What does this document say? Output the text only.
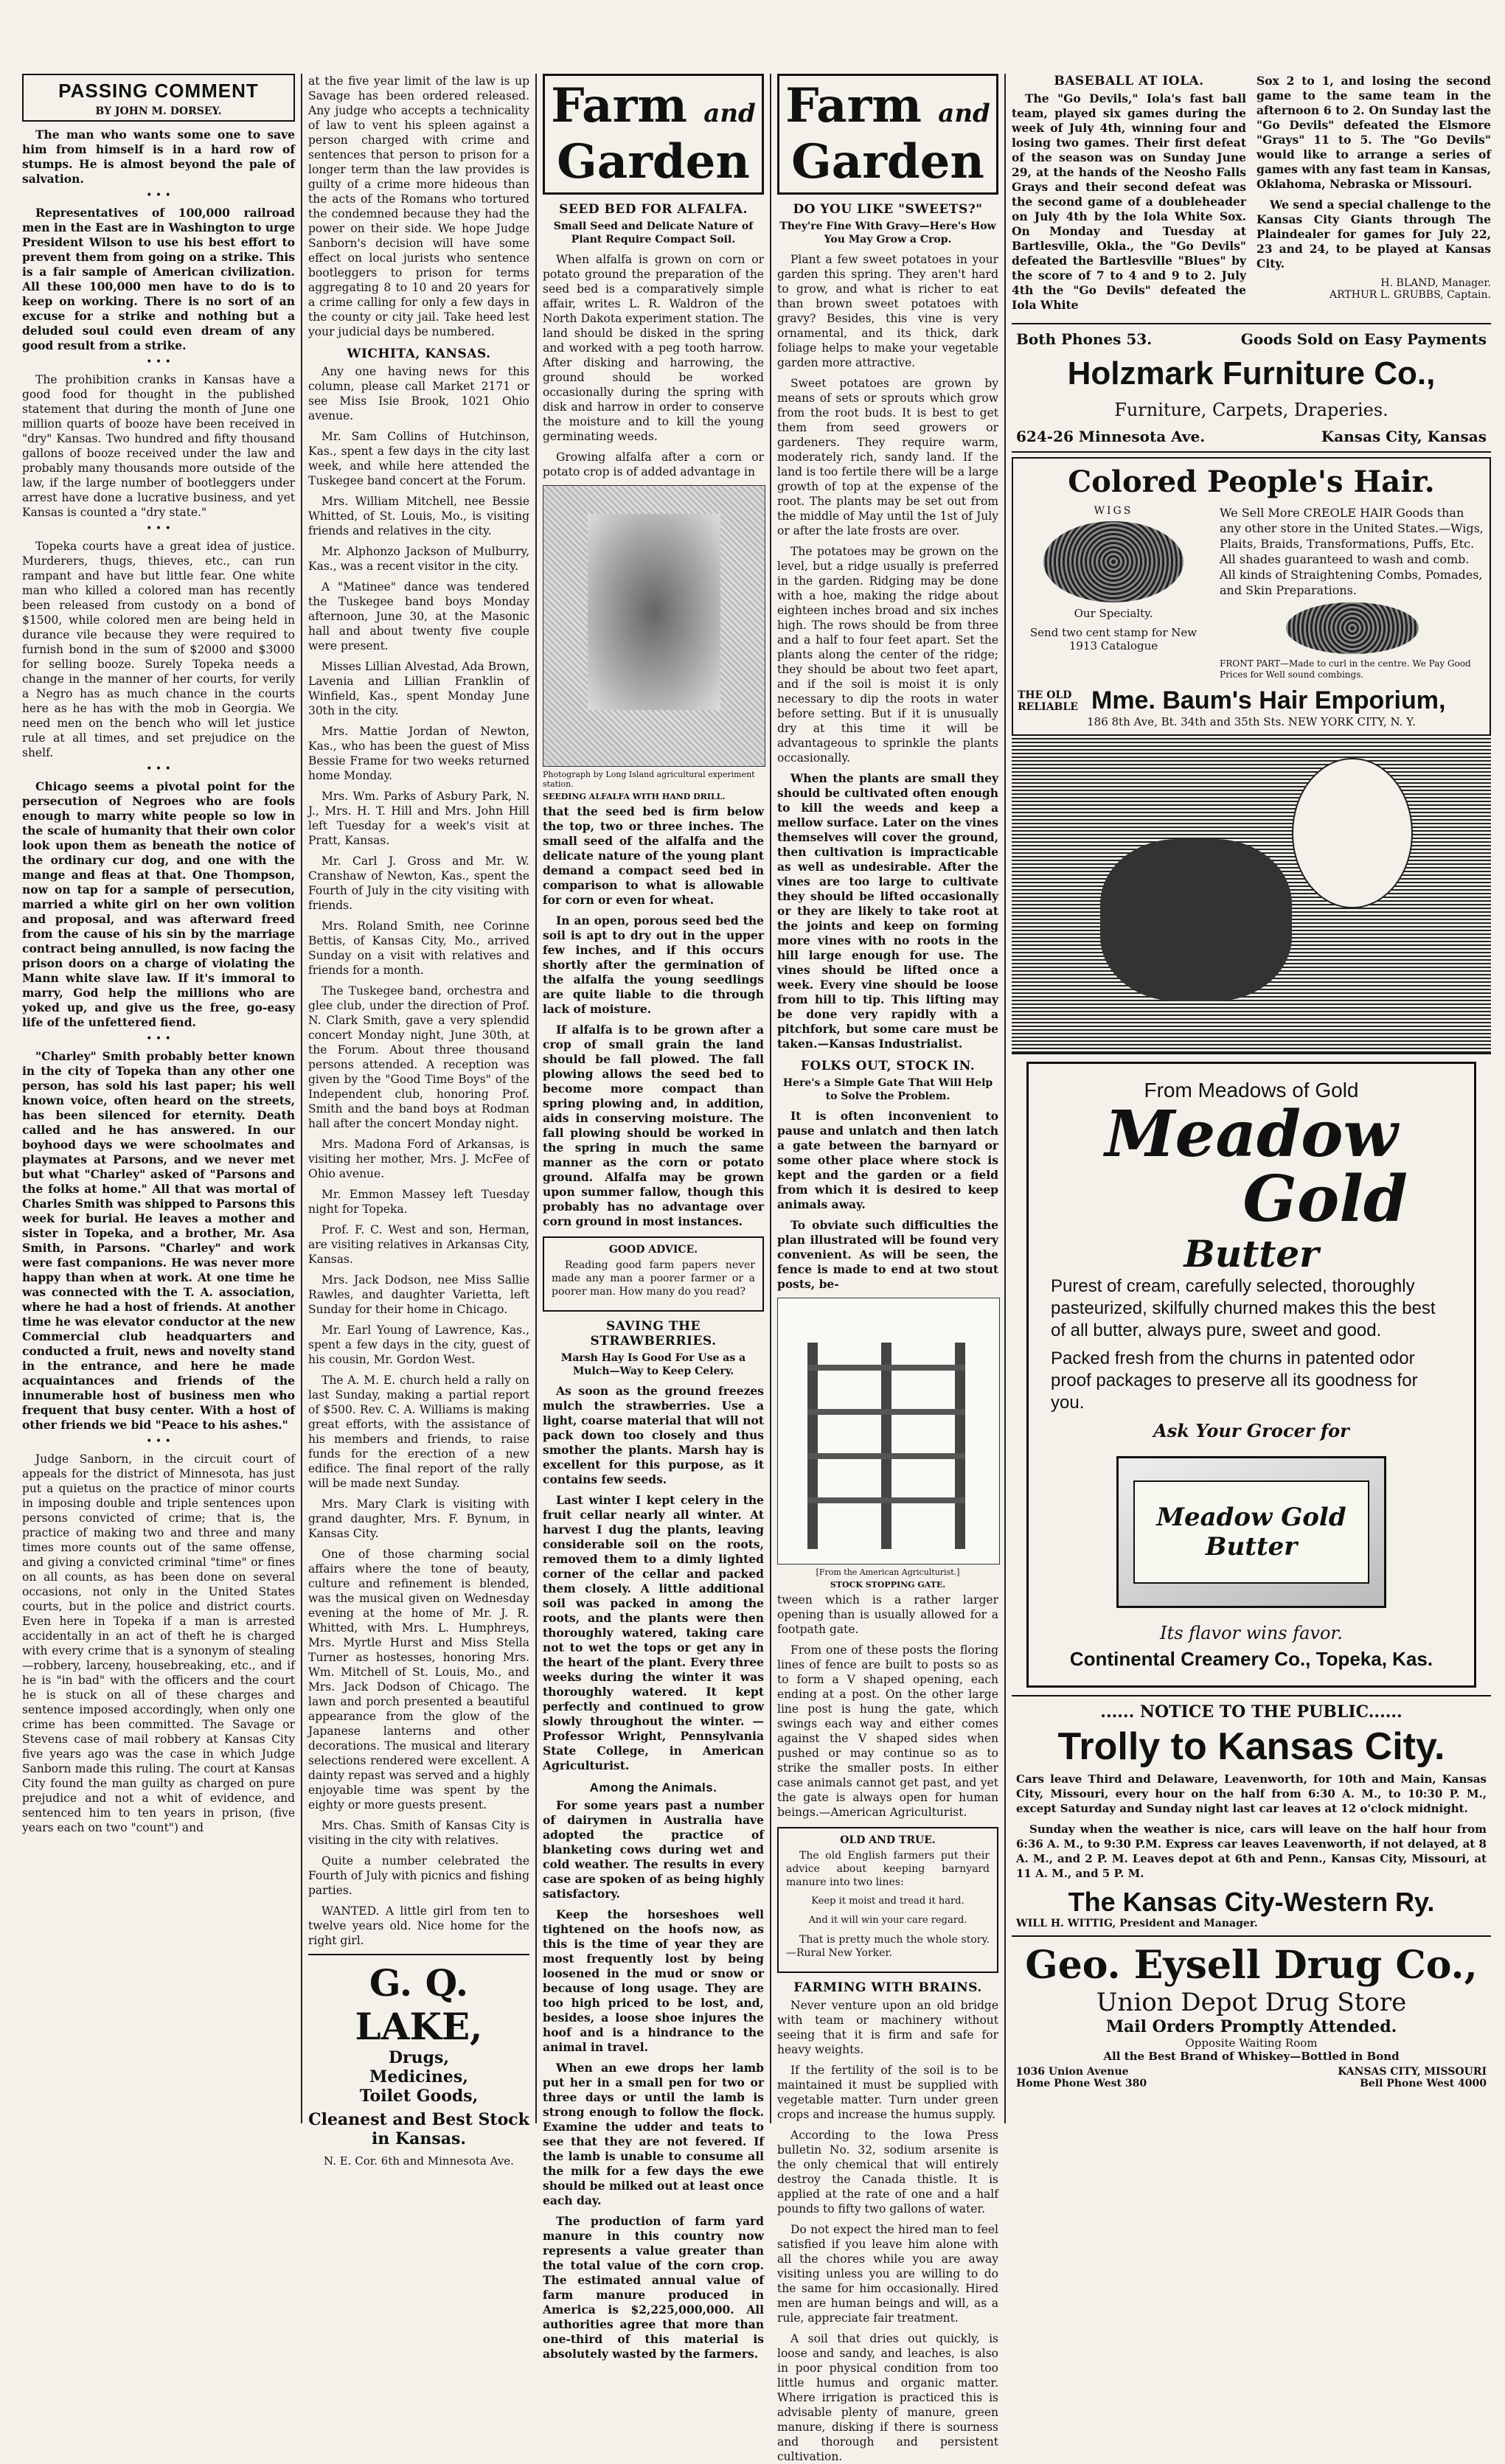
PASSING COMMENT
BY JOHN M. DORSEY.

The man who wants some one to save him from himself is in a hard row of stumps. He is almost beyond the pale of salvation.

• • •

Representatives of 100,000 railroad men in the East are in Washington to urge President Wilson to use his best effort to prevent them from going on a strike. This is a fair sample of American civilization. All these 100,000 men have to do is to keep on working. There is no sort of an excuse for a strike and nothing but a deluded soul could even dream of any good result from a strike.

• • •

The prohibition cranks in Kansas have a good food for thought in the published statement that during the month of June one million quarts of booze have been received in "dry" Kansas. Two hundred and fifty thousand gallons of booze received under the law and probably many thousands more outside of the law, if the large number of bootleggers under arrest have done a lucrative business, and yet Kansas is counted a "dry state."

• • •

Topeka courts have a great idea of justice. Murderers, thugs, thieves, etc., can run rampant and have but little fear. One white man who killed a colored man has recently been released from custody on a bond of $1500, while colored men are being held in durance vile because they were required to furnish bond in the sum of $2000 and $3000 for selling booze. Surely Topeka needs a change in the manner of her courts, for verily a Negro has as much chance in the courts here as he has with the mob in Georgia. We need men on the bench who will let justice rule at all times, and set prejudice on the shelf.

• • •

Chicago seems a pivotal point for the persecution of Negroes who are fools enough to marry white people so low in the scale of humanity that their own color look upon them as beneath the notice of the ordinary cur dog, and one with the mange and fleas at that. One Thompson, now on tap for a sample of persecution, married a white girl on her own volition and proposal, and was afterward freed from the cause of his sin by the marriage contract being annulled, is now facing the prison doors on a charge of violating the Mann white slave law. If it's immoral to marry, God help the millions who are yoked up, and give us the free, go-easy life of the unfettered fiend.

• • •

"Charley" Smith probably better known in the city of Topeka than any other one person, has sold his last paper; his well known voice, often heard on the streets, has been silenced for eternity. Death called and he has answered. In our boyhood days we were schoolmates and playmates at Parsons, and we never met but what "Charley" asked of "Parsons and the folks at home." All that was mortal of Charles Smith was shipped to Parsons this week for burial. He leaves a mother and sister in Topeka, and a brother, Mr. Asa Smith, in Parsons. "Charley" and work were fast companions. He was never more happy than when at work. At one time he was connected with the T. A. association, where he had a host of friends. At another time he was elevator conductor at the new Commercial club headquarters and conducted a fruit, news and novelty stand in the entrance, and here he made acquaintances and friends of the innumerable host of business men who frequent that busy center. With a host of other friends we bid "Peace to his ashes."

• • •

Judge Sanborn, in the circuit court of appeals for the district of Minnesota, has just put a quietus on the practice of minor courts in imposing double and triple sentences upon persons convicted of crime; that is, the practice of making two and three and many times more counts out of the same offense, and giving a convicted criminal "time" or fines on all counts, as has been done on several occasions, not only in the United States courts, but in the police and district courts. Even here in Topeka if a man is arrested accidentally in an act of theft he is charged with every crime that is a synonym of stealing—robbery, larceny, housebreaking, etc., and if he is "in bad" with the officers and the court he is stuck on all of these charges and sentence imposed accordingly, when only one crime has been committed. The Savage or Stevens case of mail robbery at Kansas City five years ago was the case in which Judge Sanborn made this ruling. The court at Kansas City found the man guilty as charged on pure prejudice and not a whit of evidence, and sentenced him to ten years in prison, (five years each on two "count") and

at the five year limit of the law is up Savage has been ordered released. Any judge who accepts a technicality of law to vent his spleen against a person charged with crime and sentences that person to prison for a longer term than the law provides is guilty of a crime more hideous than the acts of the Romans who tortured the condemned because they had the power on their side. We hope Judge Sanborn's decision will have some effect on local jurists who sentence bootleggers to prison for terms aggregating 8 to 10 and 20 years for a crime calling for only a few days in the county or city jail. Take heed lest your judicial days be numbered.

WICHITA, KANSAS.

Any one having news for this column, please call Market 2171 or see Miss Isie Brook, 1021 Ohio avenue.

Mr. Sam Collins of Hutchinson, Kas., spent a few days in the city last week, and while here attended the Tuskegee band concert at the Forum.

Mrs. William Mitchell, nee Bessie Whitted, of St. Louis, Mo., is visiting friends and relatives in the city.

Mr. Alphonzo Jackson of Mulburry, Kas., was a recent visitor in the city.

A "Matinee" dance was tendered the Tuskegee band boys Monday afternoon, June 30, at the Masonic hall and about twenty five couple were present.

Misses Lillian Alvestad, Ada Brown, Lavenia and Lillian Franklin of Winfield, Kas., spent Monday June 30th in the city.

Mrs. Mattie Jordan of Newton, Kas., who has been the guest of Miss Bessie Frame for two weeks returned home Monday.

Mrs. Wm. Parks of Asbury Park, N. J., Mrs. H. T. Hill and Mrs. John Hill left Tuesday for a week's visit at Pratt, Kansas.

Mr. Carl J. Gross and Mr. W. Cranshaw of Newton, Kas., spent the Fourth of July in the city visiting with friends.

Mrs. Roland Smith, nee Corinne Bettis, of Kansas City, Mo., arrived Sunday on a visit with relatives and friends for a month.

The Tuskegee band, orchestra and glee club, under the direction of Prof. N. Clark Smith, gave a very splendid concert Monday night, June 30th, at the Forum. About three thousand persons attended. A reception was given by the "Good Time Boys" of the Independent club, honoring Prof. Smith and the band boys at Rodman hall after the concert Monday night.

Mrs. Madona Ford of Arkansas, is visiting her mother, Mrs. J. McFee of Ohio avenue.

Mr. Emmon Massey left Tuesday night for Topeka.

Prof. F. C. West and son, Herman, are visiting relatives in Arkansas City, Kansas.

Mrs. Jack Dodson, nee Miss Sallie Rawles, and daughter Varietta, left Sunday for their home in Chicago.

Mr. Earl Young of Lawrence, Kas., spent a few days in the city, guest of his cousin, Mr. Gordon West.

The A. M. E. church held a rally on last Sunday, making a partial report of $500. Rev. C. A. Williams is making great efforts, with the assistance of his members and friends, to raise funds for the erection of a new edifice. The final report of the rally will be made next Sunday.

Mrs. Mary Clark is visiting with grand daughter, Mrs. F. Bynum, in Kansas City.

One of those charming social affairs where the tone of beauty, culture and refinement is blended, was the musical given on Wednesday evening at the home of Mr. J. R. Whitted, with Mrs. L. Humphreys, Mrs. Myrtle Hurst and Miss Stella Turner as hostesses, honoring Mrs. Wm. Mitchell of St. Louis, Mo., and Mrs. Jack Dodson of Chicago. The lawn and porch presented a beautiful appearance from the glow of the Japanese lanterns and other decorations. The musical and literary selections rendered were excellent. A dainty repast was served and a highly enjoyable time was spent by the eighty or more guests present.

Mrs. Chas. Smith of Kansas City is visiting in the city with relatives.

Quite a number celebrated the Fourth of July with picnics and fishing parties.

WANTED. A little girl from ten to twelve years old. Nice home for the right girl.

G. Q. LAKE,
Drugs,
Medicines,
Toilet Goods,
Cleanest and Best Stock in Kansas.
N. E. Cor. 6th and Minnesota Ave.
Farm and
Garden
SEED BED FOR ALFALFA.
Small Seed and Delicate Nature of Plant Require Compact Soil.

When alfalfa is grown on corn or potato ground the preparation of the seed bed is a comparatively simple affair, writes L. R. Waldron of the North Dakota experiment station. The land should be disked in the spring and worked with a peg tooth harrow. After disking and harrowing, the ground should be worked occasionally during the spring with disk and harrow in order to conserve the moisture and to kill the young germinating weeds.

Growing alfalfa after a corn or potato crop is of added advantage in

Photograph by Long Island agricultural experiment station.
SEEDING ALFALFA WITH HAND DRILL.

that the seed bed is firm below the top, two or three inches. The small seed of the alfalfa and the delicate nature of the young plant demand a compact seed bed in comparison to what is allowable for corn or even for wheat.

In an open, porous seed bed the soil is apt to dry out in the upper few inches, and if this occurs shortly after the germination of the alfalfa the young seedlings are quite liable to die through lack of moisture.

If alfalfa is to be grown after a crop of small grain the land should be fall plowed. The fall plowing allows the seed bed to become more compact than spring plowing and, in addition, aids in conserving moisture. The fall plowing should be worked in the spring in much the same manner as the corn or potato ground. Alfalfa may be grown upon summer fallow, though this probably has no advantage over corn ground in most instances.

GOOD ADVICE.

Reading good farm papers never made any man a poorer farmer or a poorer man. How many do you read?

SAVING THE STRAWBERRIES.
Marsh Hay Is Good For Use as a Mulch—Way to Keep Celery.

As soon as the ground freezes mulch the strawberries. Use a light, coarse material that will not pack down too closely and thus smother the plants. Marsh hay is excellent for this purpose, as it contains few seeds.

Last winter I kept celery in the fruit cellar nearly all winter. At harvest I dug the plants, leaving considerable soil on the roots, removed them to a dimly lighted corner of the cellar and packed them closely. A little additional soil was packed in among the roots, and the plants were then thoroughly watered, taking care not to wet the tops or get any in the heart of the plant. Every three weeks during the winter it was thoroughly watered. It kept perfectly and continued to grow slowly throughout the winter. — Professor Wright, Pennsylvania State College, in American Agriculturist.

Among the Animals.

For some years past a number of dairymen in Australia have adopted the practice of blanketing cows during wet and cold weather. The results in every case are spoken of as being highly satisfactory.

Keep the horseshoes well tightened on the hoofs now, as this is the time of year they are most frequently lost by being loosened in the mud or snow or because of long usage. They are too high priced to be lost, and, besides, a loose shoe injures the hoof and is a hindrance to the animal in travel.

When an ewe drops her lamb put her in a small pen for two or three days or until the lamb is strong enough to follow the flock. Examine the udder and teats to see that they are not fevered. If the lamb is unable to consume all the milk for a few days the ewe should be milked out at least once each day.

The production of farm yard manure in this country now represents a value greater than the total value of the corn crop. The estimated annual value of farm manure produced in America is $2,225,000,000. All authorities agree that more than one-third of this material is absolutely wasted by the farmers.

Farm and
Garden
DO YOU LIKE "SWEETS?"
They're Fine With Gravy—Here's How You May Grow a Crop.

Plant a few sweet potatoes in your garden this spring. They aren't hard to grow, and what is richer to eat than brown sweet potatoes with gravy? Besides, this vine is very ornamental, and its thick, dark foliage helps to make your vegetable garden more attractive.

Sweet potatoes are grown by means of sets or sprouts which grow from the root buds. It is best to get them from seed growers or gardeners. They require warm, moderately rich, sandy land. If the land is too fertile there will be a large growth of top at the expense of the root. The plants may be set out from the middle of May until the 1st of July or after the late frosts are over.

The potatoes may be grown on the level, but a ridge usually is preferred in the garden. Ridging may be done with a hoe, making the ridge about eighteen inches broad and six inches high. The rows should be from three and a half to four feet apart. Set the plants along the center of the ridge; they should be about two feet apart, and if the soil is moist it is only necessary to dip the roots in water before setting. But if it is unusually dry at this time it will be advantageous to sprinkle the plants occasionally.

When the plants are small they should be cultivated often enough to kill the weeds and keep a mellow surface. Later on the vines themselves will cover the ground, then cultivation is impracticable as well as undesirable. After the vines are too large to cultivate they should be lifted occasionally or they are likely to take root at the joints and keep on forming more vines with no roots in the hill large enough for use. The vines should be lifted once a week. Every vine should be loose from hill to tip. This lifting may be done very rapidly with a pitchfork, but some care must be taken.—Kansas Industrialist.

FOLKS OUT, STOCK IN.
Here's a Simple Gate That Will Help to Solve the Problem.

It is often inconvenient to pause and unlatch and then latch a gate between the barnyard or some other place where stock is kept and the garden or a field from which it is desired to keep animals away.

To obviate such difficulties the plan illustrated will be found very convenient. As will be seen, the fence is made to end at two stout posts, be-

[From the American Agriculturist.]
STOCK STOPPING GATE.

tween which is a rather larger opening than is usually allowed for a footpath gate.

From one of these posts the floring lines of fence are built to posts so as to form a V shaped opening, each ending at a post. On the other large line post is hung the gate, which swings each way and either comes against the V shaped sides when pushed or may continue so as to strike the smaller posts. In either case animals cannot get past, and yet the gate is always open for human beings.—American Agriculturist.

OLD AND TRUE.

The old English farmers put their advice about keeping barnyard manure into two lines:

Keep it moist and tread it hard.

And it will win your care regard.

That is pretty much the whole story.—Rural New Yorker.

FARMING WITH BRAINS.

Never venture upon an old bridge with team or machinery without seeing that it is firm and safe for heavy weights.

If the fertility of the soil is to be maintained it must be supplied with vegetable matter. Turn under green crops and increase the humus supply.

According to the Iowa Press bulletin No. 32, sodium arsenite is the only chemical that will entirely destroy the Canada thistle. It is applied at the rate of one and a half pounds to fifty two gallons of water.

Do not expect the hired man to feel satisfied if you leave him alone with all the chores while you are away visiting unless you are willing to do the same for him occasionally. Hired men are human beings and will, as a rule, appreciate fair treatment.

A soil that dries out quickly, is loose and sandy, and leaches, is also in poor physical condition from too little humus and organic matter. Where irrigation is practiced this is advisable plenty of manure, green manure, disking if there is sourness and thorough and persistent cultivation.

BASEBALL AT IOLA.

The "Go Devils," Iola's fast ball team, played six games during the week of July 4th, winning four and losing two games. Their first defeat of the season was on Sunday June 29, at the hands of the Neosho Falls Grays and their second defeat was the second game of a doubleheader on July 4th by the Iola White Sox. On Monday and Tuesday at Bartlesville, Okla., the "Go Devils" defeated the Bartlesville "Blues" by the score of 7 to 4 and 9 to 2. July 4th the "Go Devils" defeated the Iola White

Sox 2 to 1, and losing the second game to the same team in the afternoon 6 to 2. On Sunday last the "Go Devils" defeated the Elsmore "Grays" 11 to 5. The "Go Devils" would like to arrange a series of games with any fast team in Kansas, Oklahoma, Nebraska or Missouri.

We send a special challenge to the Kansas City Giants through The Plaindealer for games for July 22, 23 and 24, to be played at Kansas City.

H. BLAND, Manager.
ARTHUR L. GRUBBS, Captain.
Both Phones 53.	Goods Sold on Easy Payments
Holzmark Furniture Co.,
Furniture, Carpets, Draperies.
624-26 Minnesota Ave.	Kansas City, Kansas
Colored People's Hair.
WIGS
Our Specialty.
Send two cent stamp for New 1913 Catalogue
We Sell More CREOLE HAIR Goods than any other store in the United States.—Wigs, Plaits, Braids, Transformations, Puffs, Etc. All shades guaranteed to wash and comb. All kinds of Straightening Combs, Pomades, and Skin Preparations.
FRONT PART—Made to curl in the centre. We Pay Good Prices for Well sound combings.
THE OLD RELIABLE Mme. Baum's Hair Emporium,
186 8th Ave, Bt. 34th and 35th Sts. NEW YORK CITY, N. Y.
From Meadows of Gold
Meadow
Gold
Butter

Purest of cream, carefully selected, thoroughly pasteurized, skilfully churned makes this the best of all butter, always pure, sweet and good.

Packed fresh from the churns in patented odor proof packages to preserve all its goodness for you.

Ask Your Grocer for
Meadow Gold Butter
Its flavor wins favor.
Continental Creamery Co., Topeka, Kas.
...... NOTICE TO THE PUBLIC......
Trolly to Kansas City.

Cars leave Third and Delaware, Leavenworth, for 10th and Main, Kansas City, Missouri, every hour on the half from 6:30 A. M., to 10:30 P. M., except Saturday and Sunday night last car leaves at 12 o'clock midnight.

Sunday when the weather is nice, cars will leave on the half hour from 6:36 A. M., to 9:30 P.M. Express car leaves Leavenworth, if not delayed, at 8 A. M., and 2 P. M. Leaves depot at 6th and Penn., Kansas City, Missouri, at 11 A. M., and 5 P. M.

The Kansas City-Western Ry.
WILL H. WITTIG, President and Manager.
Geo. Eysell Drug Co.,
Union Depot Drug Store
Mail Orders Promptly Attended.
Opposite Waiting Room
All the Best Brand of Whiskey—Bottled in Bond
1036 Union Avenue	KANSAS CITY, MISSOURI
Home Phone West 380	Bell Phone West 4000
